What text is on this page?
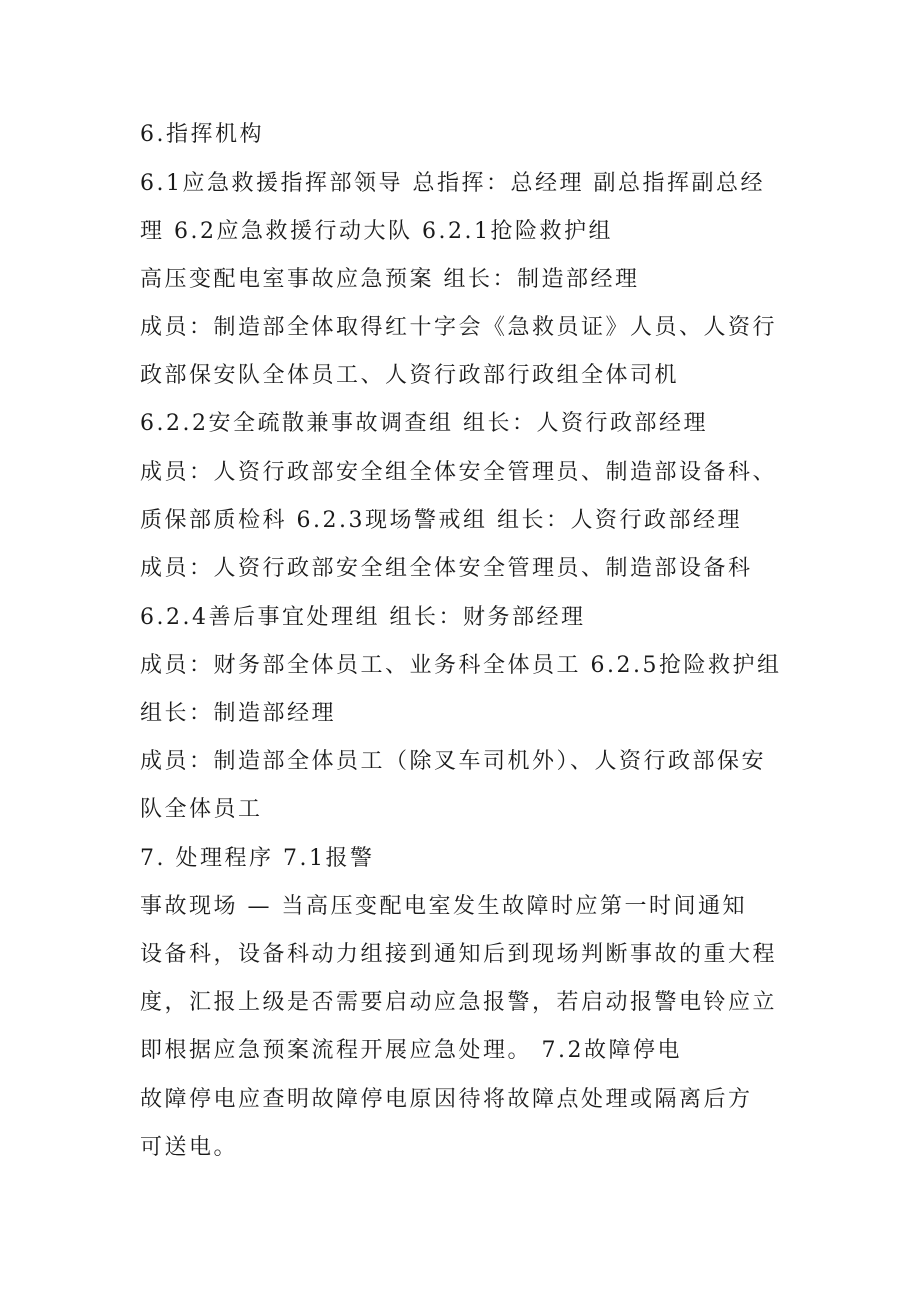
6.指挥机构
6.1应急救援指挥部领导 总指挥：总经理 副总指挥副总经
理 6.2应急救援行动大队 6.2.1抢险救护组
高压变配电室事故应急预案 组长：制造部经理
成员：制造部全体取得红十字会《急救员证》人员、人资行
政部保安队全体员工、人资行政部行政组全体司机
6.2.2安全疏散兼事故调查组 组长：人资行政部经理
成员：人资行政部安全组全体安全管理员、制造部设备科、
质保部质检科 6.2.3现场警戒组 组长：人资行政部经理
成员：人资行政部安全组全体安全管理员、制造部设备科
6.2.4善后事宜处理组 组长：财务部经理
成员：财务部全体员工、业务科全体员工 6.2.5抢险救护组
组长：制造部经理
成员：制造部全体员工（除叉车司机外）、人资行政部保安
队全体员工
7. 处理程序 7.1报警
事故现场 — 当高压变配电室发生故障时应第一时间通知
设备科，设备科动力组接到通知后到现场判断事故的重大程
度，汇报上级是否需要启动应急报警，若启动报警电铃应立
即根据应急预案流程开展应急处理。 7.2故障停电
故障停电应查明故障停电原因待将故障点处理或隔离后方
可送电。
